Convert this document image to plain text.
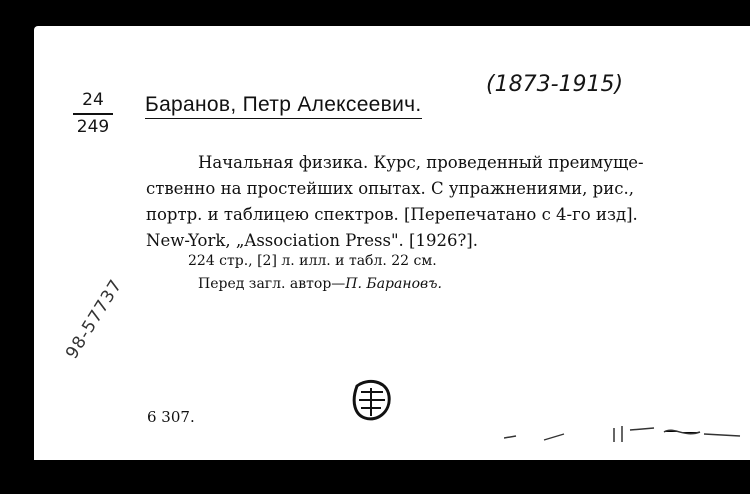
24
249
Баранов, Петр Алексеевич.
(1873-1915)
Начальная физика. Курс, проведенный преимуще-
ственно на простейших опытах. С упражнениями, рис.,
портр. и таблицею спектров. [Перепечатано с 4-го изд].
New-York, „Association Press". [1926?].
224 стр., [2] л. илл. и табл. 22 см.
Перед загл. автор—П. Барановъ.
6 307.
98-57737
